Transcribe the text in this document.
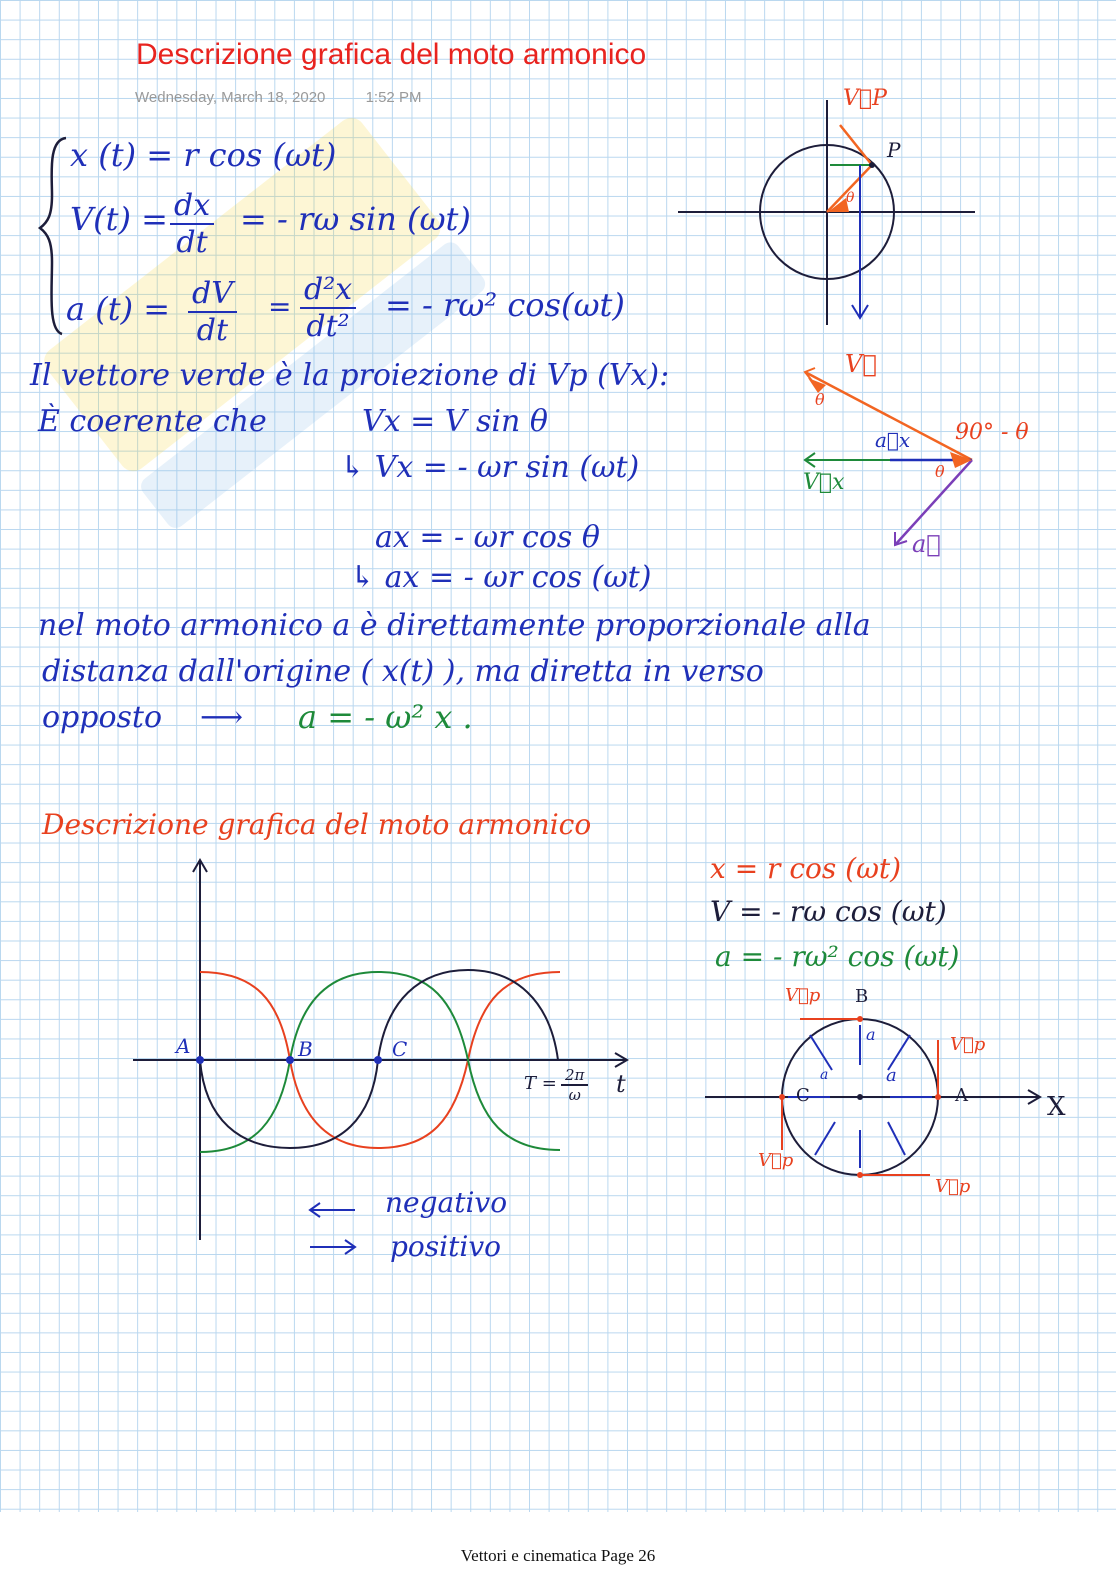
Descrizione grafica del moto armonico
Wednesday, March 18, 2020	1:52 PM
x (t) = r cos (ωt)
$V(t) = \frac{dx}{dt}$ = - rω sin (ωt)
a $(t) = \frac{dV}{dt} = \frac{\text{d²x}}{\text{dt²}}$ = - rω² cos(ωt)
V⃗P
P
θ
Il vettore verde è la proiezione di Vp (Vx):
È coerente che	Vx = V sin θ
↳ Vx = - ωr sin (ωt)
ax = - ωr cos θ
↳ ax = - ωr cos (ωt)
nel moto armonico a è direttamente proporzionale alla
distanza dall'origine ( x(t) ), ma diretta in verso
opposto ⟶ a = - ω² x .
V⃗
θ
90° - θ
a⃗x
θ
V⃗x
a⃗
Descrizione grafica del moto armonico
A	B	C
$T = \frac{2\pi}{\omega}$ t
negativo
positivo
x = r cos (ωt)
V = - rω cos (ωt)
a = - rω² cos (ωt)
B
A
C	X
V⃗p
V⃗p
V⃗p
V⃗p
a
a
a
Vettori e cinematica Page 26
